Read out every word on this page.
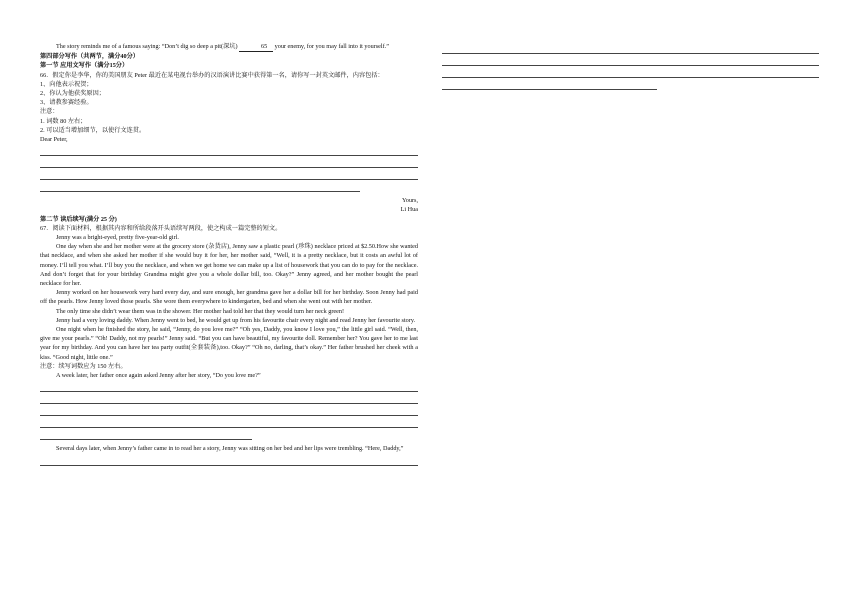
The story reminds me of a famous saying: “Don’t dig so deep a pit(深坑)	65 your enemy, for you may fall into it yourself.”

第四部分写作（共两节，满分40分）

第一节 应用文写作（满分15分）

66．假定你是李华，你的美国朋友 Peter 最近在某电视台举办的汉语演讲比赛中获得第一名，请你写一封英文邮件，内容包括：

1、向他表示祝贺；

2、你认为他获奖原因；

3、请教参赛经验。

注意：

1. 词数 80 左右；

2. 可以适当增加细节，以使行文连贯。

Dear Peter,

Yours,

Li Hua

第二节 读后续写(满分 25 分)

67．阅读下面材料，根据其内容和所给段落开头语续写两段，使之构成一篇完整的短文。

Jenny was a bright-eyed, pretty five-year-old girl.

One day when she and her mother were at the grocery store (杂货店), Jenny saw a plastic pearl (珍珠) necklace priced at $2.50.How she wanted that necklace, and when she asked her mother if she would buy it for her, her mother said, “Well, it is a pretty necklace, but it costs an awful lot of money. I’ll tell you what. I’ll buy you the necklace, and when we get home we can make up a list of housework that you can do to pay for the necklace. And don’t forget that for your birthday Grandma might give you a whole dollar bill, too. Okay?” Jenny agreed, and her mother bought the pearl necklace for her.

Jenny worked on her housework very hard every day, and sure enough, her grandma gave her a dollar bill for her birthday. Soon Jenny had paid off the pearls. How Jenny loved those pearls. She wore them everywhere to kindergarten, bed and when she went out with her mother.

The only time she didn’t wear them was in the shower. Her mother had told her that they would turn her neck green!

Jenny had a very loving daddy. When Jenny went to bed, he would get up from his favourite chair every night and read Jenny her favourite story.

One night when he finished the story, he said, “Jenny, do you love me?” “Oh yes, Daddy, you know I love you,” the little girl said. “Well, then, give me your pearls.” “Oh! Daddy, not my pearls!” Jenny said. “But you can have beautiful, my favourite doll. Remember her? You gave her to me last year for my birthday. And you can have her tea party outfit(全套装备),too. Okay?” “Oh no, darling, that’s okay.” Her father brushed her cheek with a kiss. “Good night, little one.”

注意：续写词数应为 150 左右。

A week later, her father once again asked Jenny after her story, “Do you love me?”

Several days later, when Jenny’s father came in to read her a story, Jenny was sitting on her bed and her lips were trembling. “Here, Daddy,”
